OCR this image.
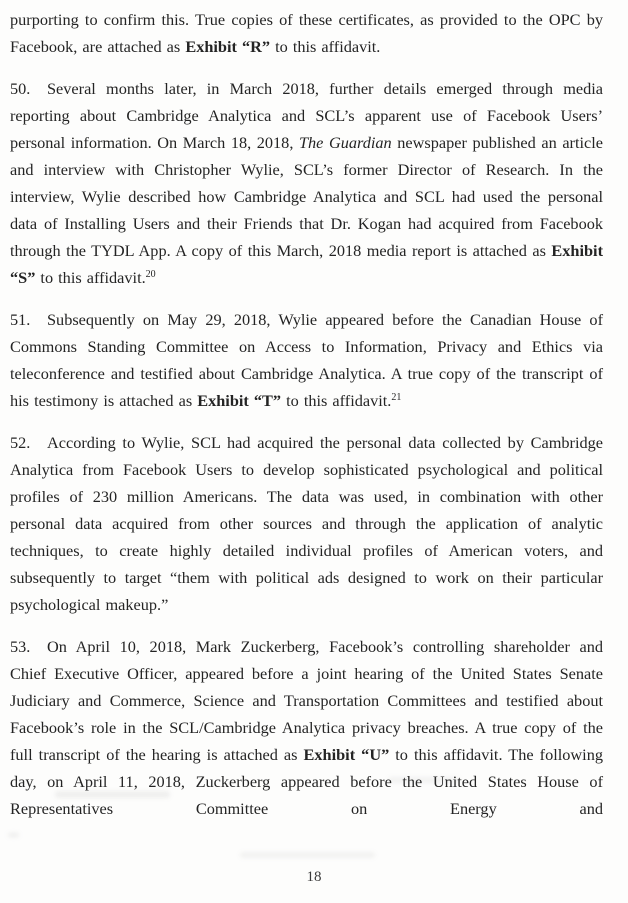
purporting to confirm this. True copies of these certificates, as provided to the OPC by Facebook, are attached as Exhibit “R” to this affidavit.

50. Several months later, in March 2018, further details emerged through media reporting about Cambridge Analytica and SCL’s apparent use of Facebook Users’ personal information. On March 18, 2018, The Guardian newspaper published an article and interview with Christopher Wylie, SCL’s former Director of Research. In the interview, Wylie described how Cambridge Analytica and SCL had used the personal data of Installing Users and their Friends that Dr. Kogan had acquired from Facebook through the TYDL App. A copy of this March, 2018 media report is attached as Exhibit “S” to this affidavit.$^{20}$

51. Subsequently on May 29, 2018, Wylie appeared before the Canadian House of Commons Standing Committee on Access to Information, Privacy and Ethics via teleconference and testified about Cambridge Analytica. A true copy of the transcript of his testimony is attached as Exhibit “T” to this affidavit.$^{21}$

52. According to Wylie, SCL had acquired the personal data collected by Cambridge Analytica from Facebook Users to develop sophisticated psychological and political profiles of 230 million Americans. The data was used, in combination with other personal data acquired from other sources and through the application of analytic techniques, to create highly detailed individual profiles of American voters, and subsequently to target “them with political ads designed to work on their particular psychological makeup.”

53. On April 10, 2018, Mark Zuckerberg, Facebook’s controlling shareholder and Chief Executive Officer, appeared before a joint hearing of the United States Senate Judiciary and Commerce, Science and Transportation Committees and testified about Facebook’s role in the SCL/Cambridge Analytica privacy breaches. A true copy of the full transcript of the hearing is attached as Exhibit “U” to this affidavit. The following day, on April 11, 2018, Zuckerberg appeared before the United States House of Representatives Committee on Energy and

18
